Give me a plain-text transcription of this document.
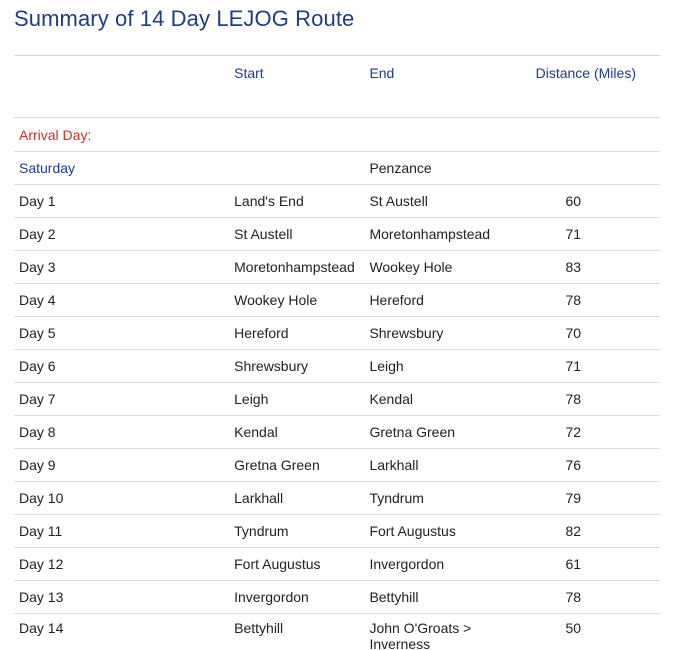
Summary of 14 Day LEJOG Route
	Start	End	Distance (Miles)
Arrival Day:			
Saturday		Penzance	
Day 1	Land's End	St Austell	60
Day 2	St Austell	Moretonhampstead	71
Day 3	Moretonhampstead	Wookey Hole	83
Day 4	Wookey Hole	Hereford	78
Day 5	Hereford	Shrewsbury	70
Day 6	Shrewsbury	Leigh	71
Day 7	Leigh	Kendal	78
Day 8	Kendal	Gretna Green	72
Day 9	Gretna Green	Larkhall	76
Day 10	Larkhall	Tyndrum	79
Day 11	Tyndrum	Fort Augustus	82
Day 12	Fort Augustus	Invergordon	61
Day 13	Invergordon	Bettyhill	78
Day 14	Bettyhill	John O'Groats > Inverness	50
